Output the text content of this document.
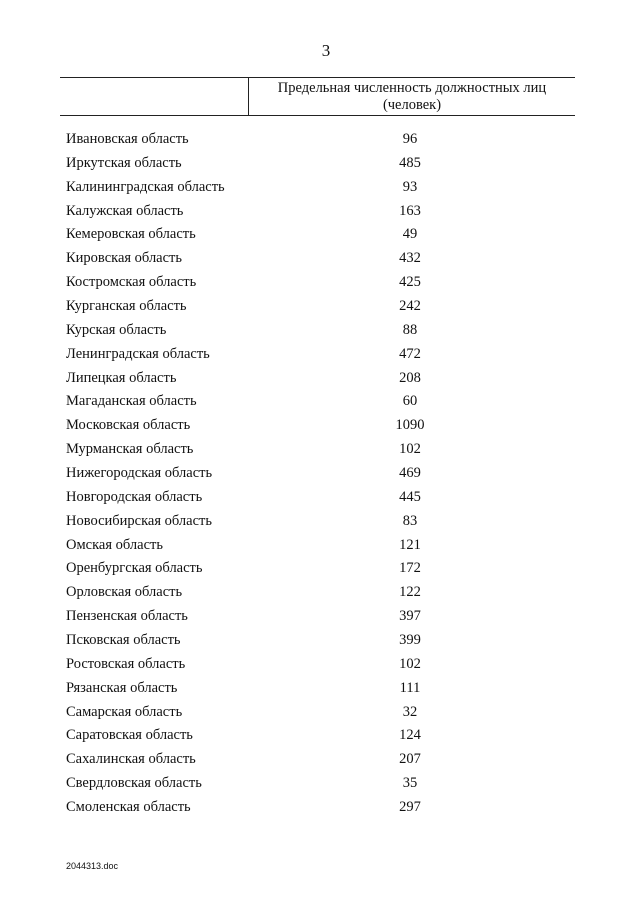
3
Предельная численность должностных лиц (человек)
Ивановская область	96
Иркутская область	485
Калининградская область	93
Калужская область	163
Кемеровская область	49
Кировская область	432
Костромская область	425
Курганская область	242
Курская область	88
Ленинградская область	472
Липецкая область	208
Магаданская область	60
Московская область	1090
Мурманская область	102
Нижегородская область	469
Новгородская область	445
Новосибирская область	83
Омская область	121
Оренбургская область	172
Орловская область	122
Пензенская область	397
Псковская область	399
Ростовская область	102
Рязанская область	111
Самарская область	32
Саратовская область	124
Сахалинская область	207
Свердловская область	35
Смоленская область	297
2044313.doc
